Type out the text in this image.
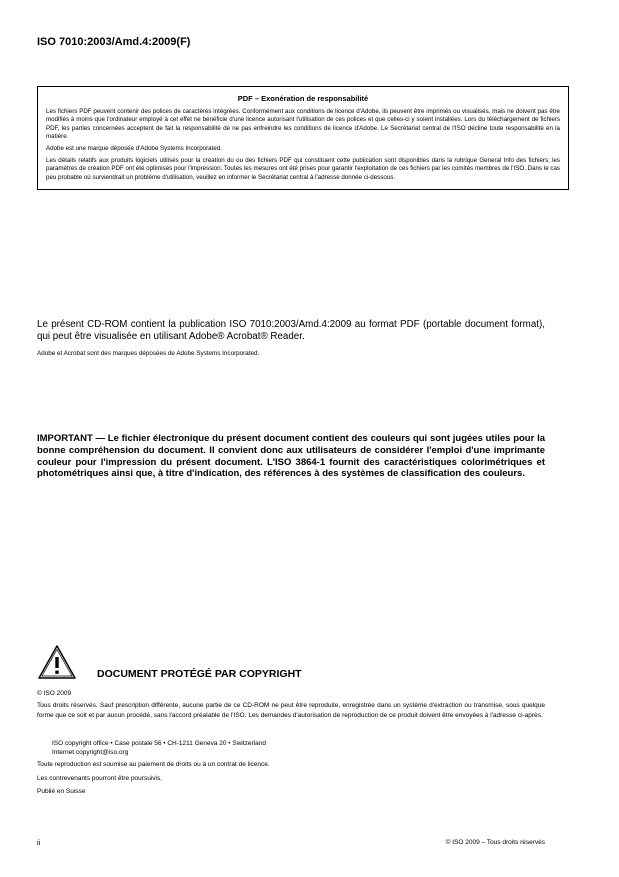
ISO 7010:2003/Amd.4:2009(F)
PDF – Exonération de responsabilité

Les fichiers PDF peuvent contenir des polices de caractères intégrées. Conformément aux conditions de licence d'Adobe, ils peuvent être imprimés ou visualisés, mais ne doivent pas être modifiés à moins que l'ordinateur employé à cet effet ne bénéficie d'une licence autorisant l'utilisation de ces polices et que celles-ci y soient installées. Lors du téléchargement de fichiers PDF, les parties concernées acceptent de fait la responsabilité de ne pas enfreindre les conditions de licence d'Adobe. Le Secrétariat central de l'ISO décline toute responsabilité en la matière.

Adobe est une marque déposée d'Adobe Systems Incorporated.

Les détails relatifs aux produits logiciels utilisés pour la création du ou des fichiers PDF qui constituent cette publication sont disponibles dans la rubrique General Info des fichiers; les paramètres de création PDF ont été optimisés pour l'impression. Toutes les mesures ont été prises pour garantir l'exploitation de ces fichiers par les comités membres de l'ISO. Dans le cas peu probable où surviendrait un problème d'utilisation, veuillez en informer le Secrétariat central à l'adresse donnée ci-dessous.

Le présent CD-ROM contient la publication ISO 7010:2003/Amd.4:2009 au format PDF (portable document format), qui peut être visualisée en utilisant Adobe® Acrobat® Reader.

Adobe et Acrobat sont des marques déposées de Adobe Systems Incorporated.

IMPORTANT — Le fichier électronique du présent document contient des couleurs qui sont jugées utiles pour la bonne compréhension du document. Il convient donc aux utilisateurs de considérer l'emploi d'une imprimante couleur pour l'impression du présent document. L'ISO 3864-1 fournit des caractéristiques colorimétriques et photométriques ainsi que, à titre d'indication, des références à des systèmes de classification des couleurs.

DOCUMENT PROTÉGÉ PAR COPYRIGHT
© ISO 2009

Tous droits réservés. Sauf prescription différente, aucune partie de ce CD-ROM ne peut être reproduite, enregistrée dans un système d'extraction ou transmise, sous quelque forme que ce soit et par aucun procédé, sans l'accord préalable de l'ISO. Les demandes d'autorisation de reproduction de ce produit doivent être envoyées à l'adresse ci-après.

ISO copyright office • Case postale 56 • CH-1211 Geneva 20 • Switzerland
Internet copyright@iso.org
Toute reproduction est soumise au paiement de droits ou à un contrat de licence.
Les contrevenants pourront être poursuivis.
Publié en Suisse
ii	© ISO 2009 – Tous droits réservés
